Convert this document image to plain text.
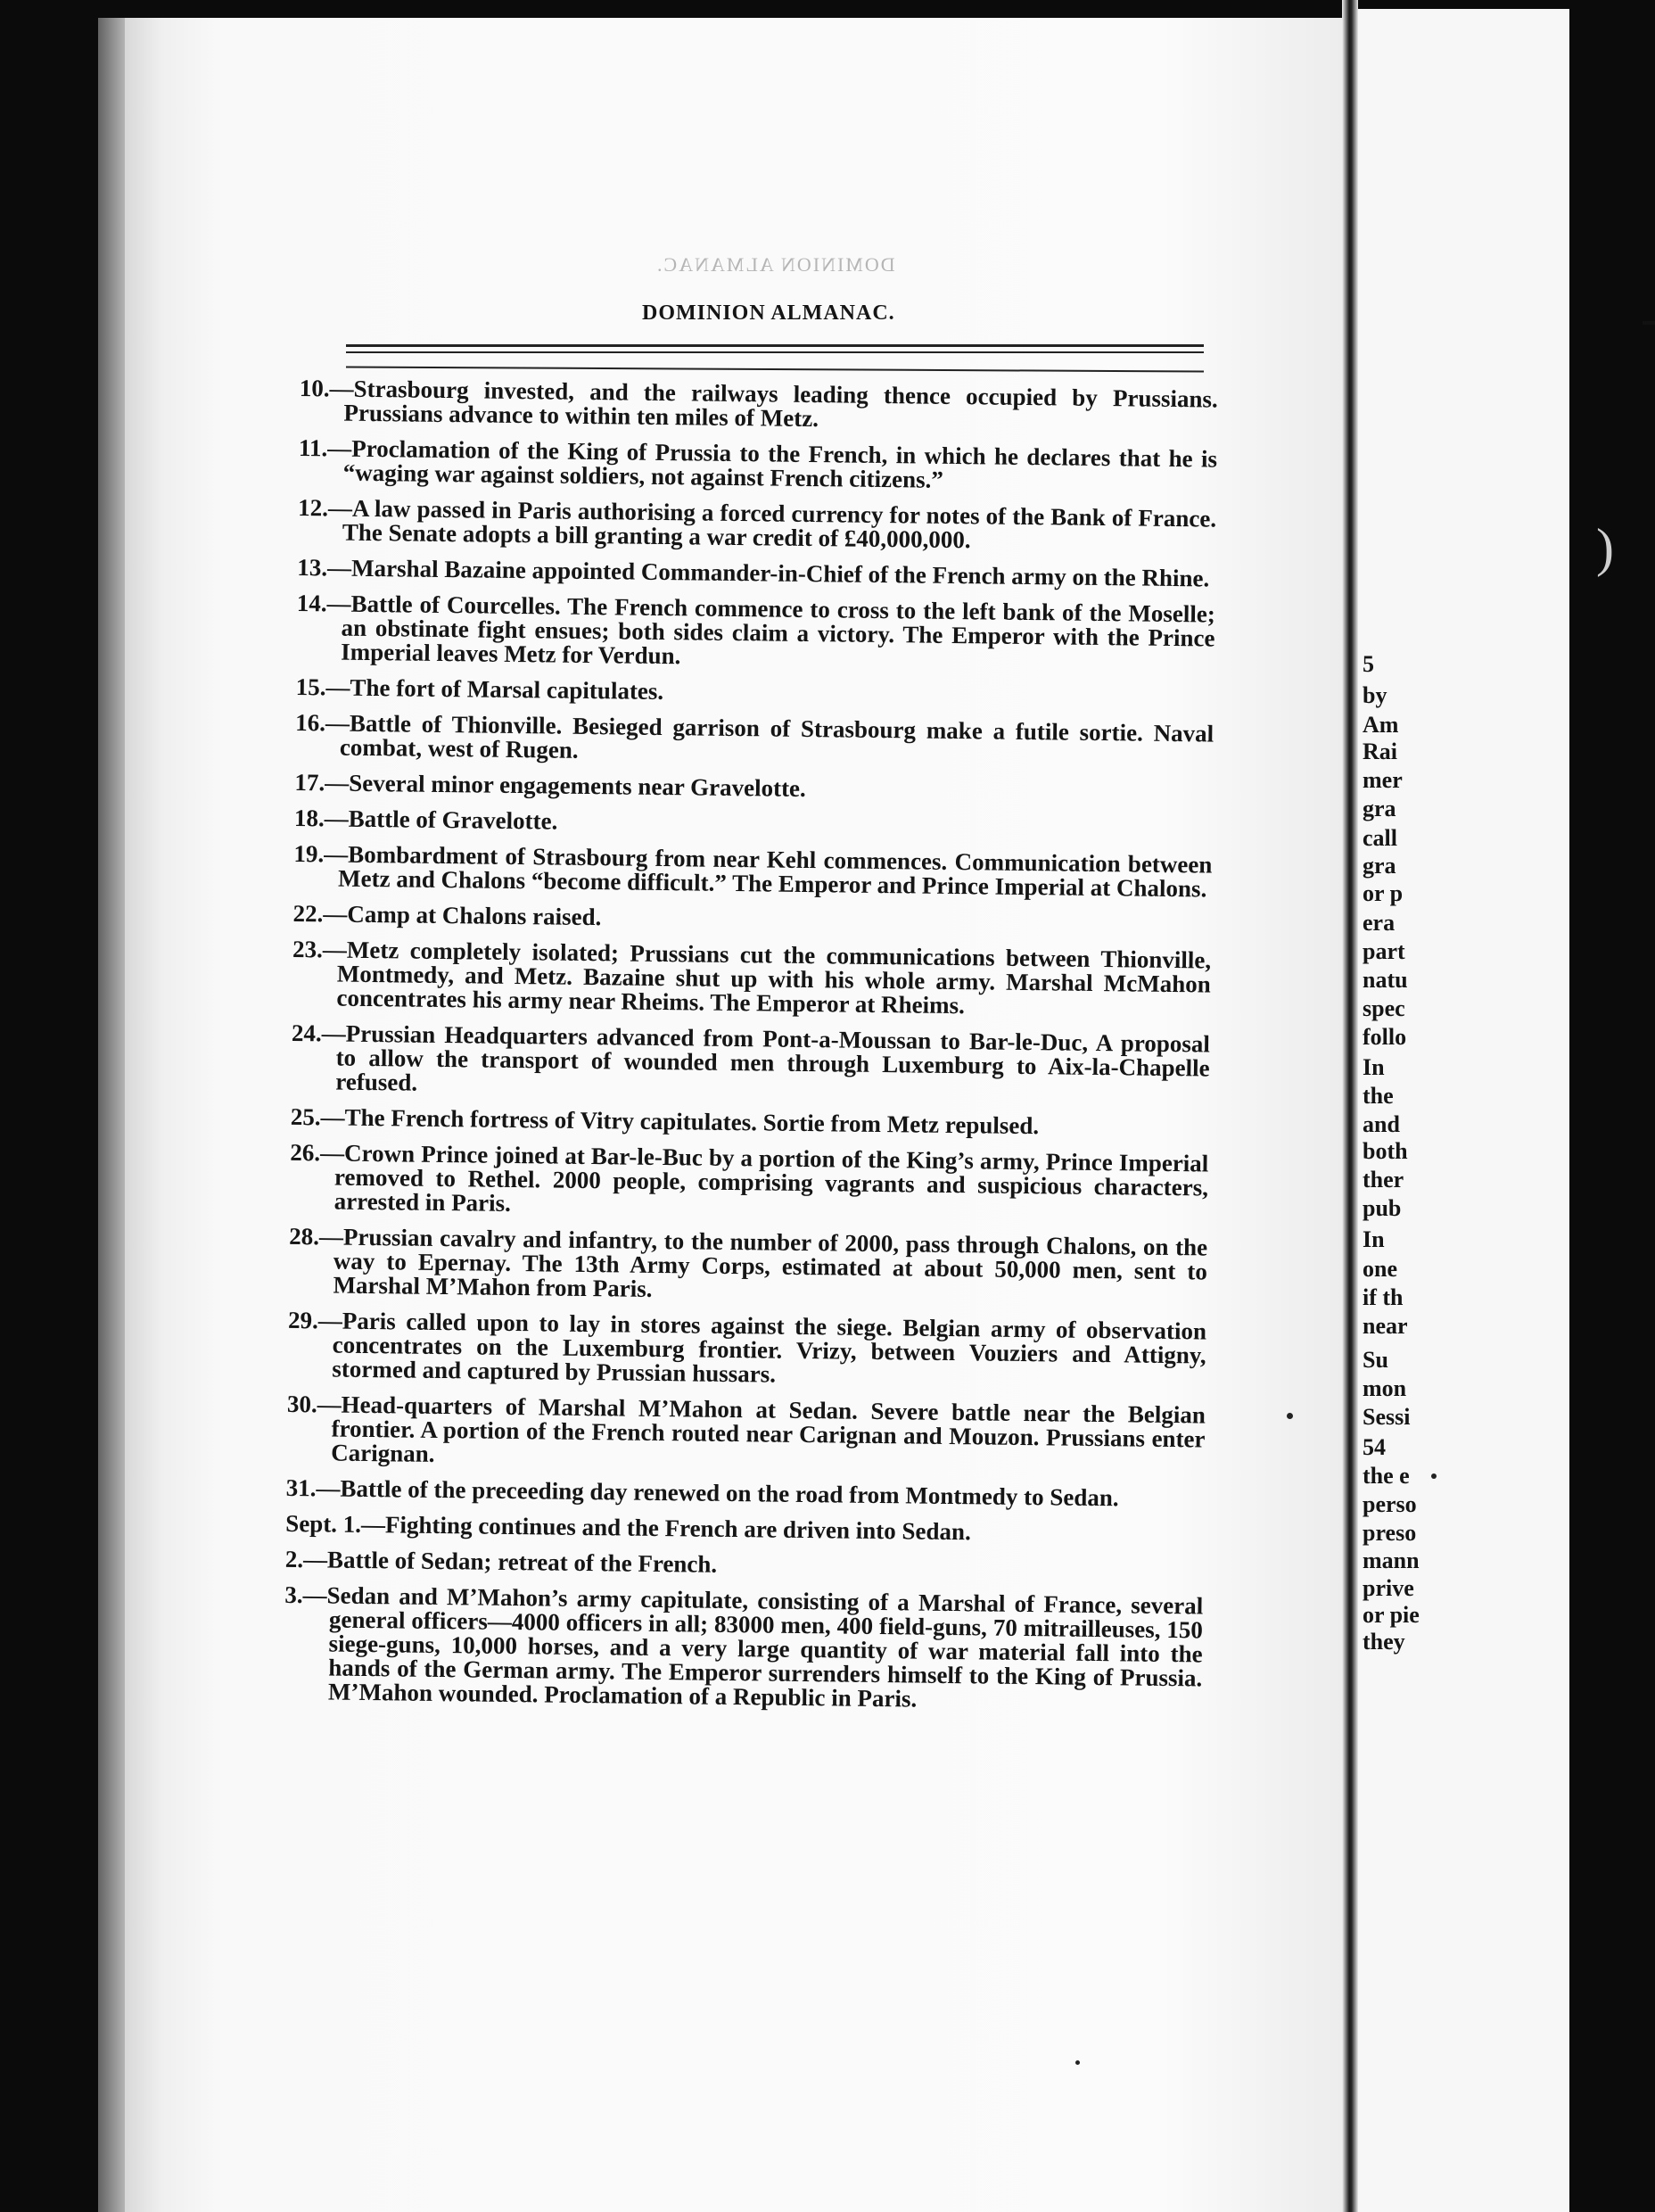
DOMINION ALMANAC.
DOMINION ALMANAC.

10.—Strasbourg invested, and the railways leading thence occupied by Prussians. Prussians advance to within ten miles of Metz.

11.—Proclamation of the King of Prussia to the French, in which he declares that he is “waging war against soldiers, not against French citizens.”

12.—A law passed in Paris authorising a forced currency for notes of the Bank of France. The Senate adopts a bill granting a war credit of £40,000,000.

13.—Marshal Bazaine appointed Commander-in-Chief of the French army on the Rhine.

14.—Battle of Courcelles. The French commence to cross to the left bank of the Moselle; an obstinate fight ensues; both sides claim a victory. The Emperor with the Prince Imperial leaves Metz for Verdun.

15.—The fort of Marsal capitulates.

16.—Battle of Thionville. Besieged garrison of Strasbourg make a futile sortie. Naval combat, west of Rugen.

17.—Several minor engagements near Gravelotte.

18.—Battle of Gravelotte.

19.—Bombardment of Strasbourg from near Kehl commences. Communication between Metz and Chalons “become difficult.” The Emperor and Prince Imperial at Chalons.

22.—Camp at Chalons raised.

23.—Metz completely isolated; Prussians cut the communications between Thionville, Montmedy, and Metz. Bazaine shut up with his whole army. Marshal McMahon concentrates his army near Rheims. The Emperor at Rheims.

24.—Prussian Headquarters advanced from Pont-a-Moussan to Bar-le-Duc, A proposal to allow the transport of wounded men through Luxemburg to Aix-la-Chapelle refused.

25.—The French fortress of Vitry capitulates. Sortie from Metz repulsed.

26.—Crown Prince joined at Bar-le-Buc by a portion of the King’s army, Prince Imperial removed to Rethel. 2000 people, comprising vagrants and suspicious characters, arrested in Paris.

28.—Prussian cavalry and infantry, to the number of 2000, pass through Chalons, on the way to Epernay. The 13th Army Corps, estimated at about 50,000 men, sent to Marshal M’Mahon from Paris.

29.—Paris called upon to lay in stores against the siege. Belgian army of observation concentrates on the Luxemburg frontier. Vrizy, between Vouziers and Attigny, stormed and captured by Prussian hussars.

30.—Head-quarters of Marshal M’Mahon at Sedan. Severe battle near the Belgian frontier. A portion of the French routed near Carignan and Mouzon. Prussians enter Carignan.

31.—Battle of the preceeding day renewed on the road from Montmedy to Sedan.

Sept. 1.—Fighting continues and the French are driven into Sedan.

2.—Battle of Sedan; retreat of the French.

3.—Sedan and M’Mahon’s army capitulate, consisting of a Marshal of France, several general officers—4000 officers in all; 83000 men, 400 field-guns, 70 mitrailleuses, 150 siege-guns, 10,000 horses, and a very large quantity of war material fall into the hands of the German army. The Emperor surrenders himself to the King of Prussia. M’Mahon wounded. Proclamation of a Republic in Paris.

)
5
by
Am
Rai
mer
gra
call
gra
or p
era
part
natu
spec
follo
In
the
and
both
ther
pub
In
one
if th
near
Su
mon
Sessi
54
the e
perso
preso
mann
prive
or pie
they
